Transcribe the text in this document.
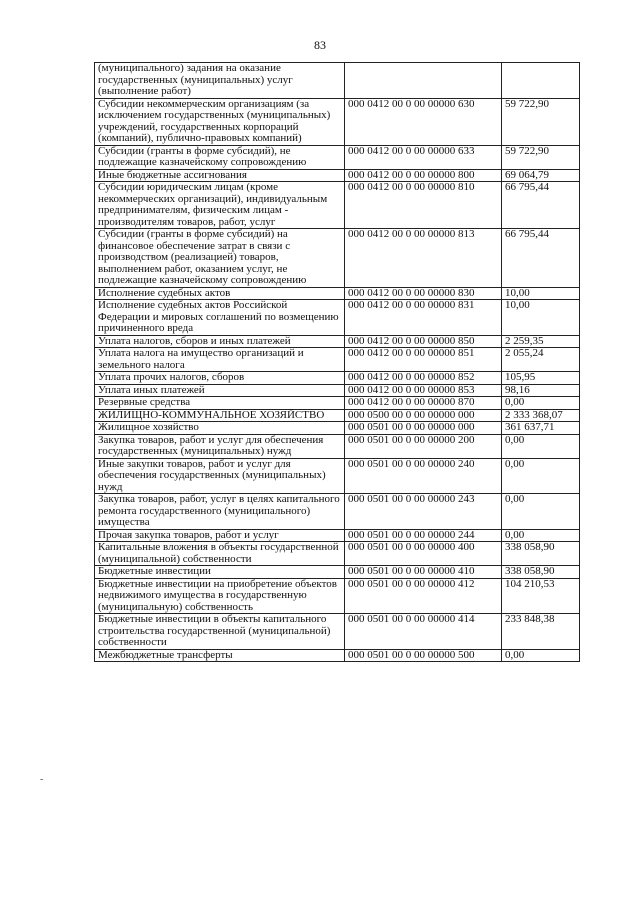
83
(муниципального) задания на оказание государственных (муниципальных) услуг (выполнение работ)		
Субсидии некоммерческим организациям (за исключением государственных (муниципальных) учреждений, государственных корпораций (компаний), публично-правовых компаний)	000 0412 00 0 00 00000 630	59 722,90
Субсидии (гранты в форме субсидий), не подлежащие казначейскому сопровождению	000 0412 00 0 00 00000 633	59 722,90
Иные бюджетные ассигнования	000 0412 00 0 00 00000 800	69 064,79
Субсидии юридическим лицам (кроме некоммерческих организаций), индивидуальным предпринимателям, физическим лицам - производителям товаров, работ, услуг	000 0412 00 0 00 00000 810	66 795,44
Субсидии (гранты в форме субсидий) на финансовое обеспечение затрат в связи с производством (реализацией) товаров, выполнением работ, оказанием услуг, не подлежащие казначейскому сопровождению	000 0412 00 0 00 00000 813	66 795,44
Исполнение судебных актов	000 0412 00 0 00 00000 830	10,00
Исполнение судебных актов Российской Федерации и мировых соглашений по возмещению причиненного вреда	000 0412 00 0 00 00000 831	10,00
Уплата налогов, сборов и иных платежей	000 0412 00 0 00 00000 850	2 259,35
Уплата налога на имущество организаций и земельного налога	000 0412 00 0 00 00000 851	2 055,24
Уплата прочих налогов, сборов	000 0412 00 0 00 00000 852	105,95
Уплата иных платежей	000 0412 00 0 00 00000 853	98,16
Резервные средства	000 0412 00 0 00 00000 870	0,00
ЖИЛИЩНО-КОММУНАЛЬНОЕ ХОЗЯЙСТВО	000 0500 00 0 00 00000 000	2 333 368,07
Жилищное хозяйство	000 0501 00 0 00 00000 000	361 637,71
Закупка товаров, работ и услуг для обеспечения государственных (муниципальных) нужд	000 0501 00 0 00 00000 200	0,00
Иные закупки товаров, работ и услуг для обеспечения государственных (муниципальных) нужд	000 0501 00 0 00 00000 240	0,00
Закупка товаров, работ, услуг в целях капитального ремонта государственного (муниципального) имущества	000 0501 00 0 00 00000 243	0,00
Прочая закупка товаров, работ и услуг	000 0501 00 0 00 00000 244	0,00
Капитальные вложения в объекты государственной (муниципальной) собственности	000 0501 00 0 00 00000 400	338 058,90
Бюджетные инвестиции	000 0501 00 0 00 00000 410	338 058,90
Бюджетные инвестиции на приобретение объектов недвижимого имущества в государственную (муниципальную) собственность	000 0501 00 0 00 00000 412	104 210,53
Бюджетные инвестиции в объекты капитального строительства государственной (муниципальной) собственности	000 0501 00 0 00 00000 414	233 848,38
Межбюджетные трансферты	000 0501 00 0 00 00000 500	0,00
-
